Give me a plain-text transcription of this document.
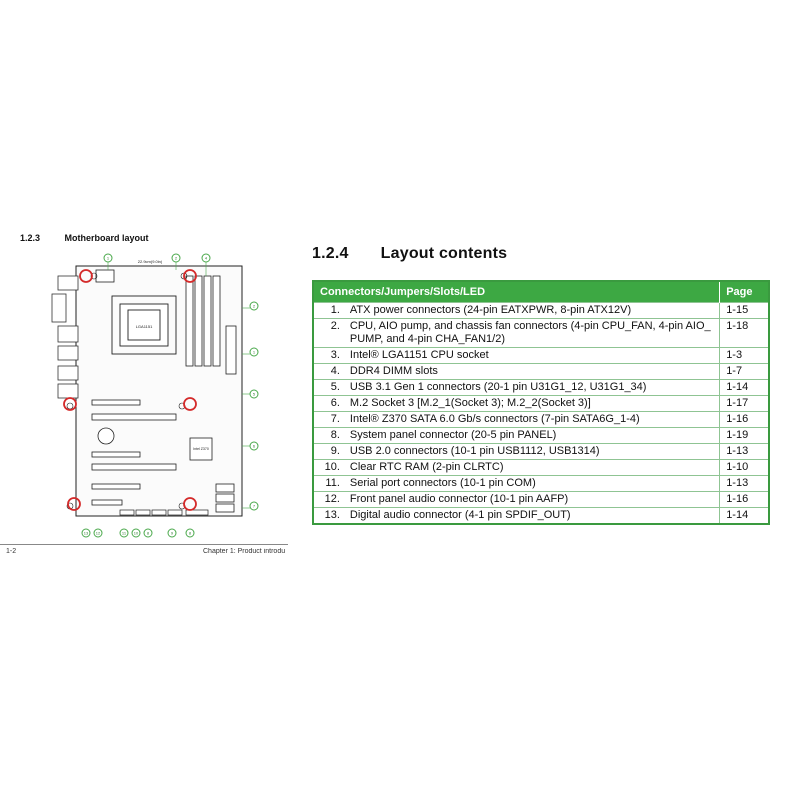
1.2.3	Motherboard layout
LGA1151
Intel Z370
22.9cm(9.0in)
1	2	4
2
1
5
6
7
13 12	11 10 8	9	8
1-2	Chapter 1: Product introdu
1.2.4 Layout contents
Connectors/Jumpers/Slots/LED		Page
1.	ATX power connectors (24-pin EATXPWR, 8-pin ATX12V)	1-15
2.	CPU, AIO pump, and chassis fan connectors (4-pin CPU_FAN, 4-pin AIO_ PUMP, and 4-pin CHA_FAN1/2)	1-18
3.	Intel® LGA1151 CPU socket	1-3
4.	DDR4 DIMM slots	1-7
5.	USB 3.1 Gen 1 connectors (20-1 pin U31G1_12, U31G1_34)	1-14
6.	M.2 Socket 3 [M.2_1(Socket 3); M.2_2(Socket 3)]	1-17
7.	Intel® Z370 SATA 6.0 Gb/s connectors (7-pin SATA6G_1-4)	1-16
8.	System panel connector (20-5 pin PANEL)	1-19
9.	USB 2.0 connectors (10-1 pin USB1112, USB1314)	1-13
10.	Clear RTC RAM (2-pin CLRTC)	1-10
11.	Serial port connectors (10-1 pin COM)	1-13
12.	Front panel audio connector (10-1 pin AAFP)	1-16
13.	Digital audio connector (4-1 pin SPDIF_OUT)	1-14
